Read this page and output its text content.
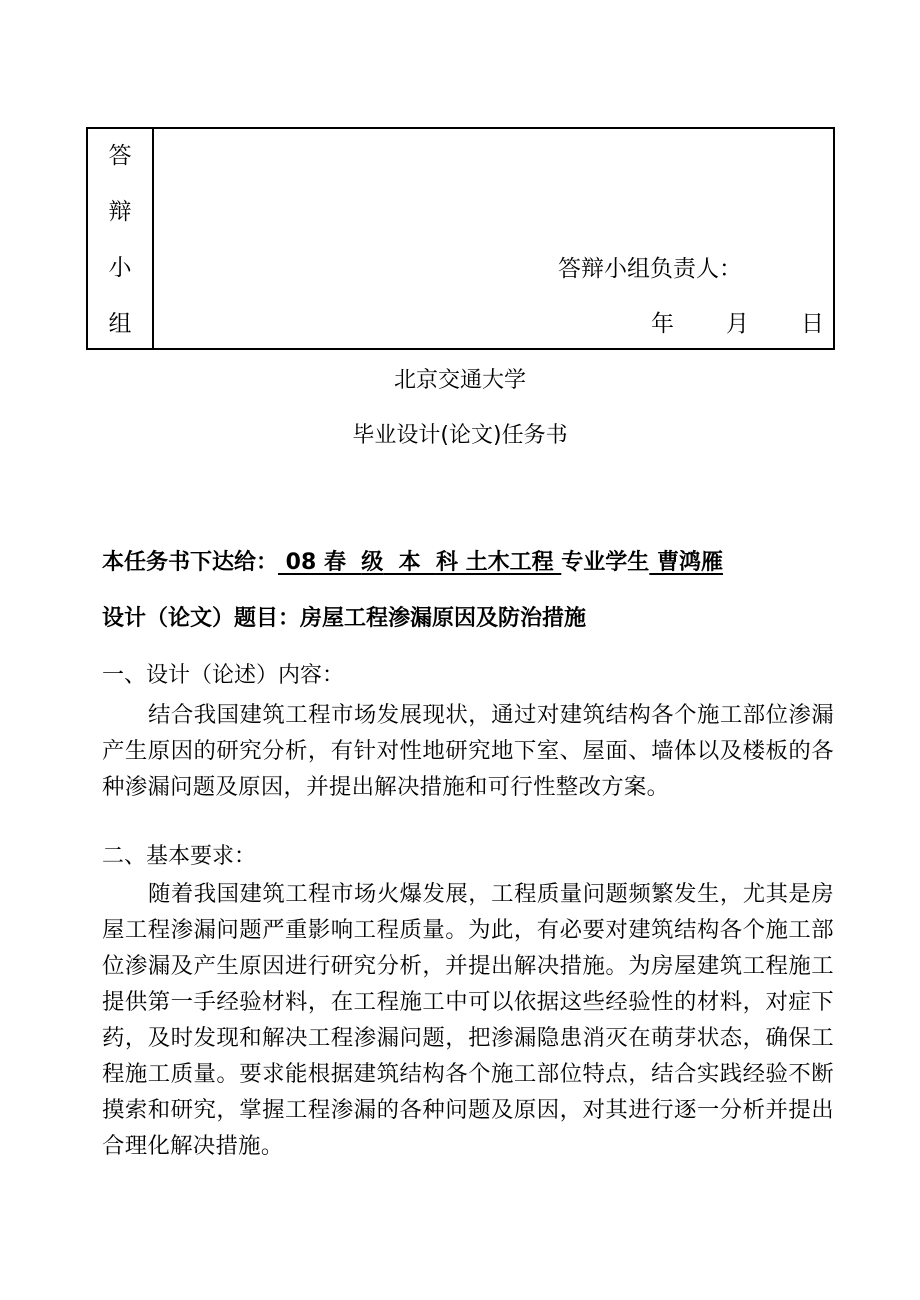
答
辩
小
组
答辩小组负责人：
年 月 日
北京交通大学
毕业设计(论文)任务书
本任务书下达给： 08 春  级  本  科 土木工程 专业学生 曹鸿雁
设计（论文）题目：房屋工程渗漏原因及防治措施
一、设计（论述）内容：

结合我国建筑工程市场发展现状，通过对建筑结构各个施工部位渗漏产生原因的研究分析，有针对性地研究地下室、屋面、墙体以及楼板的各种渗漏问题及原因，并提出解决措施和可行性整改方案。

二、基本要求：

随着我国建筑工程市场火爆发展，工程质量问题频繁发生，尤其是房屋工程渗漏问题严重影响工程质量。为此，有必要对建筑结构各个施工部位渗漏及产生原因进行研究分析，并提出解决措施。为房屋建筑工程施工提供第一手经验材料，在工程施工中可以依据这些经验性的材料，对症下药，及时发现和解决工程渗漏问题，把渗漏隐患消灭在萌芽状态，确保工程施工质量。要求能根据建筑结构各个施工部位特点，结合实践经验不断摸索和研究，掌握工程渗漏的各种问题及原因，对其进行逐一分析并提出合理化解决措施。
